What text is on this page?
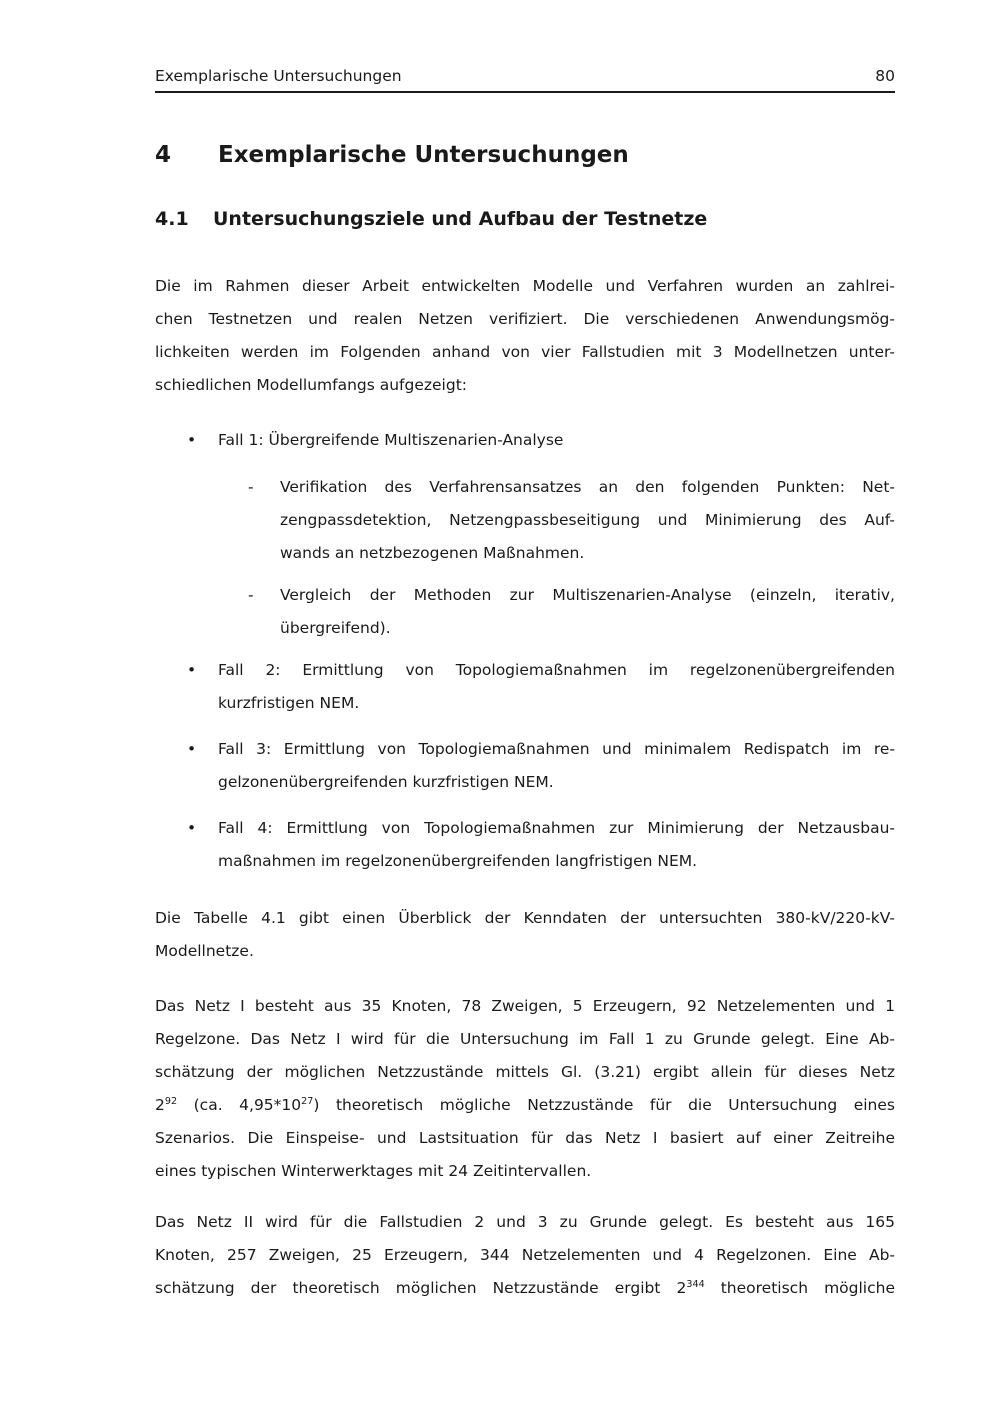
Exemplarische Untersuchungen	80
4 Exemplarische Untersuchungen
4.1 Untersuchungsziele und Aufbau der Testnetze
Die im Rahmen dieser Arbeit entwickelten Modelle und Verfahren wurden an zahlrei-
chen Testnetzen und realen Netzen verifiziert. Die verschiedenen Anwendungsmög-
lichkeiten werden im Folgenden anhand von vier Fallstudien mit 3 Modellnetzen unter-
schiedlichen Modellumfangs aufgezeigt:
• Fall 1: Übergreifende Multiszenarien-Analyse
- Verifikation des Verfahrensansatzes an den folgenden Punkten: Net-
zengpassdetektion, Netzengpassbeseitigung und Minimierung des Auf-
wands an netzbezogenen Maßnahmen.
- Vergleich der Methoden zur Multiszenarien-Analyse (einzeln, iterativ,
übergreifend).
• Fall 2: Ermittlung von Topologiemaßnahmen im regelzonenübergreifenden
kurzfristigen NEM.
• Fall 3: Ermittlung von Topologiemaßnahmen und minimalem Redispatch im re-
gelzonenübergreifenden kurzfristigen NEM.
• Fall 4: Ermittlung von Topologiemaßnahmen zur Minimierung der Netzausbau-
maßnahmen im regelzonenübergreifenden langfristigen NEM.
Die Tabelle 4.1 gibt einen Überblick der Kenndaten der untersuchten 380-kV/220-kV-
Modellnetze.
Das Netz I besteht aus 35 Knoten, 78 Zweigen, 5 Erzeugern, 92 Netzelementen und 1
Regelzone. Das Netz I wird für die Untersuchung im Fall 1 zu Grunde gelegt. Eine Ab-
schätzung der möglichen Netzzustände mittels Gl. (3.21) ergibt allein für dieses Netz
$2^{92}$ (ca. $4,95*10^{27}$) theoretisch mögliche Netzzustände für die Untersuchung eines
Szenarios. Die Einspeise- und Lastsituation für das Netz I basiert auf einer Zeitreihe
eines typischen Winterwerktages mit 24 Zeitintervallen.
Das Netz II wird für die Fallstudien 2 und 3 zu Grunde gelegt. Es besteht aus 165
Knoten, 257 Zweigen, 25 Erzeugern, 344 Netzelementen und 4 Regelzonen. Eine Ab-
schätzung der theoretisch möglichen Netzzustände ergibt $2^{344}$ theoretisch mögliche
